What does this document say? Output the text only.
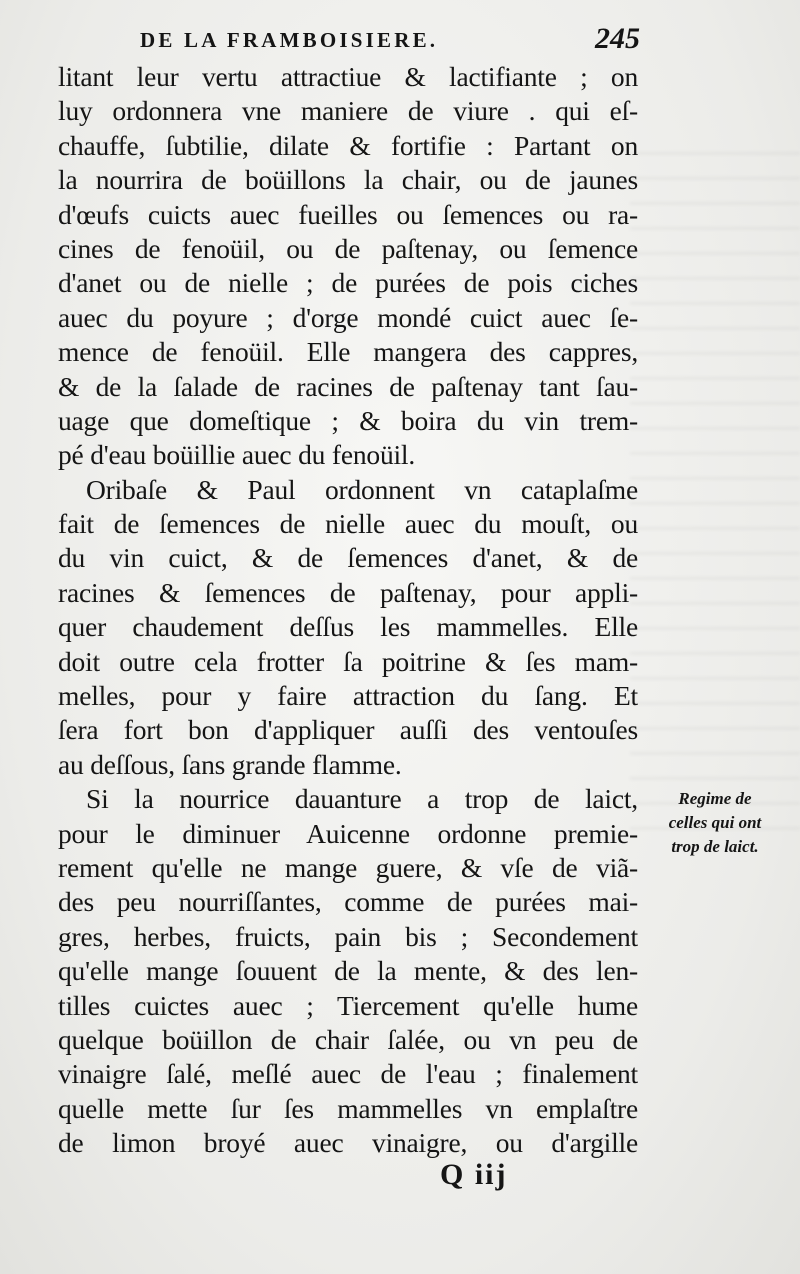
DE LA FRAMBOISIERE.	245
litant leur vertu attractiue & lactifiante ; on
luy ordonnera vne maniere de viure . qui eſ-
chauffe, ſubtilie, dilate & fortifie : Partant on
la nourrira de boüillons la chair, ou de jaunes
d'œufs cuicts auec fueilles ou ſemences ou ra-
cines de fenoüil, ou de paſtenay, ou ſemence
d'anet ou de nielle ; de purées de pois ciches
auec du poyure ; d'orge mondé cuict auec ſe-
mence de fenoüil. Elle mangera des cappres,
& de la ſalade de racines de paſtenay tant ſau-
uage que domeſtique ; & boira du vin trem-
pé d'eau boüillie auec du fenoüil.
Oribaſe & Paul ordonnent vn cataplaſme
fait de ſemences de nielle auec du mouſt, ou
du vin cuict, & de ſemences d'anet, & de
racines & ſemences de paſtenay, pour appli-
quer chaudement deſſus les mammelles. Elle
doit outre cela frotter ſa poitrine & ſes mam-
melles, pour y faire attraction du ſang. Et
ſera fort bon d'appliquer auſſi des ventouſes
au deſſous, ſans grande flamme.
Si la nourrice dauanture a trop de laict,
pour le diminuer Auicenne ordonne premie-
rement qu'elle ne mange guere, & vſe de viã-
des peu nourriſſantes, comme de purées mai-
gres, herbes, fruicts, pain bis ; Secondement
qu'elle mange ſouuent de la mente, & des len-
tilles cuictes auec ; Tiercement qu'elle hume
quelque boüillon de chair ſalée, ou vn peu de
vinaigre ſalé, meſlé auec de l'eau ; finalement
quelle mette ſur ſes mammelles vn emplaſtre
de limon broyé auec vinaigre, ou d'argille
Regime de
celles qui ont
trop de laict.
Q iij
